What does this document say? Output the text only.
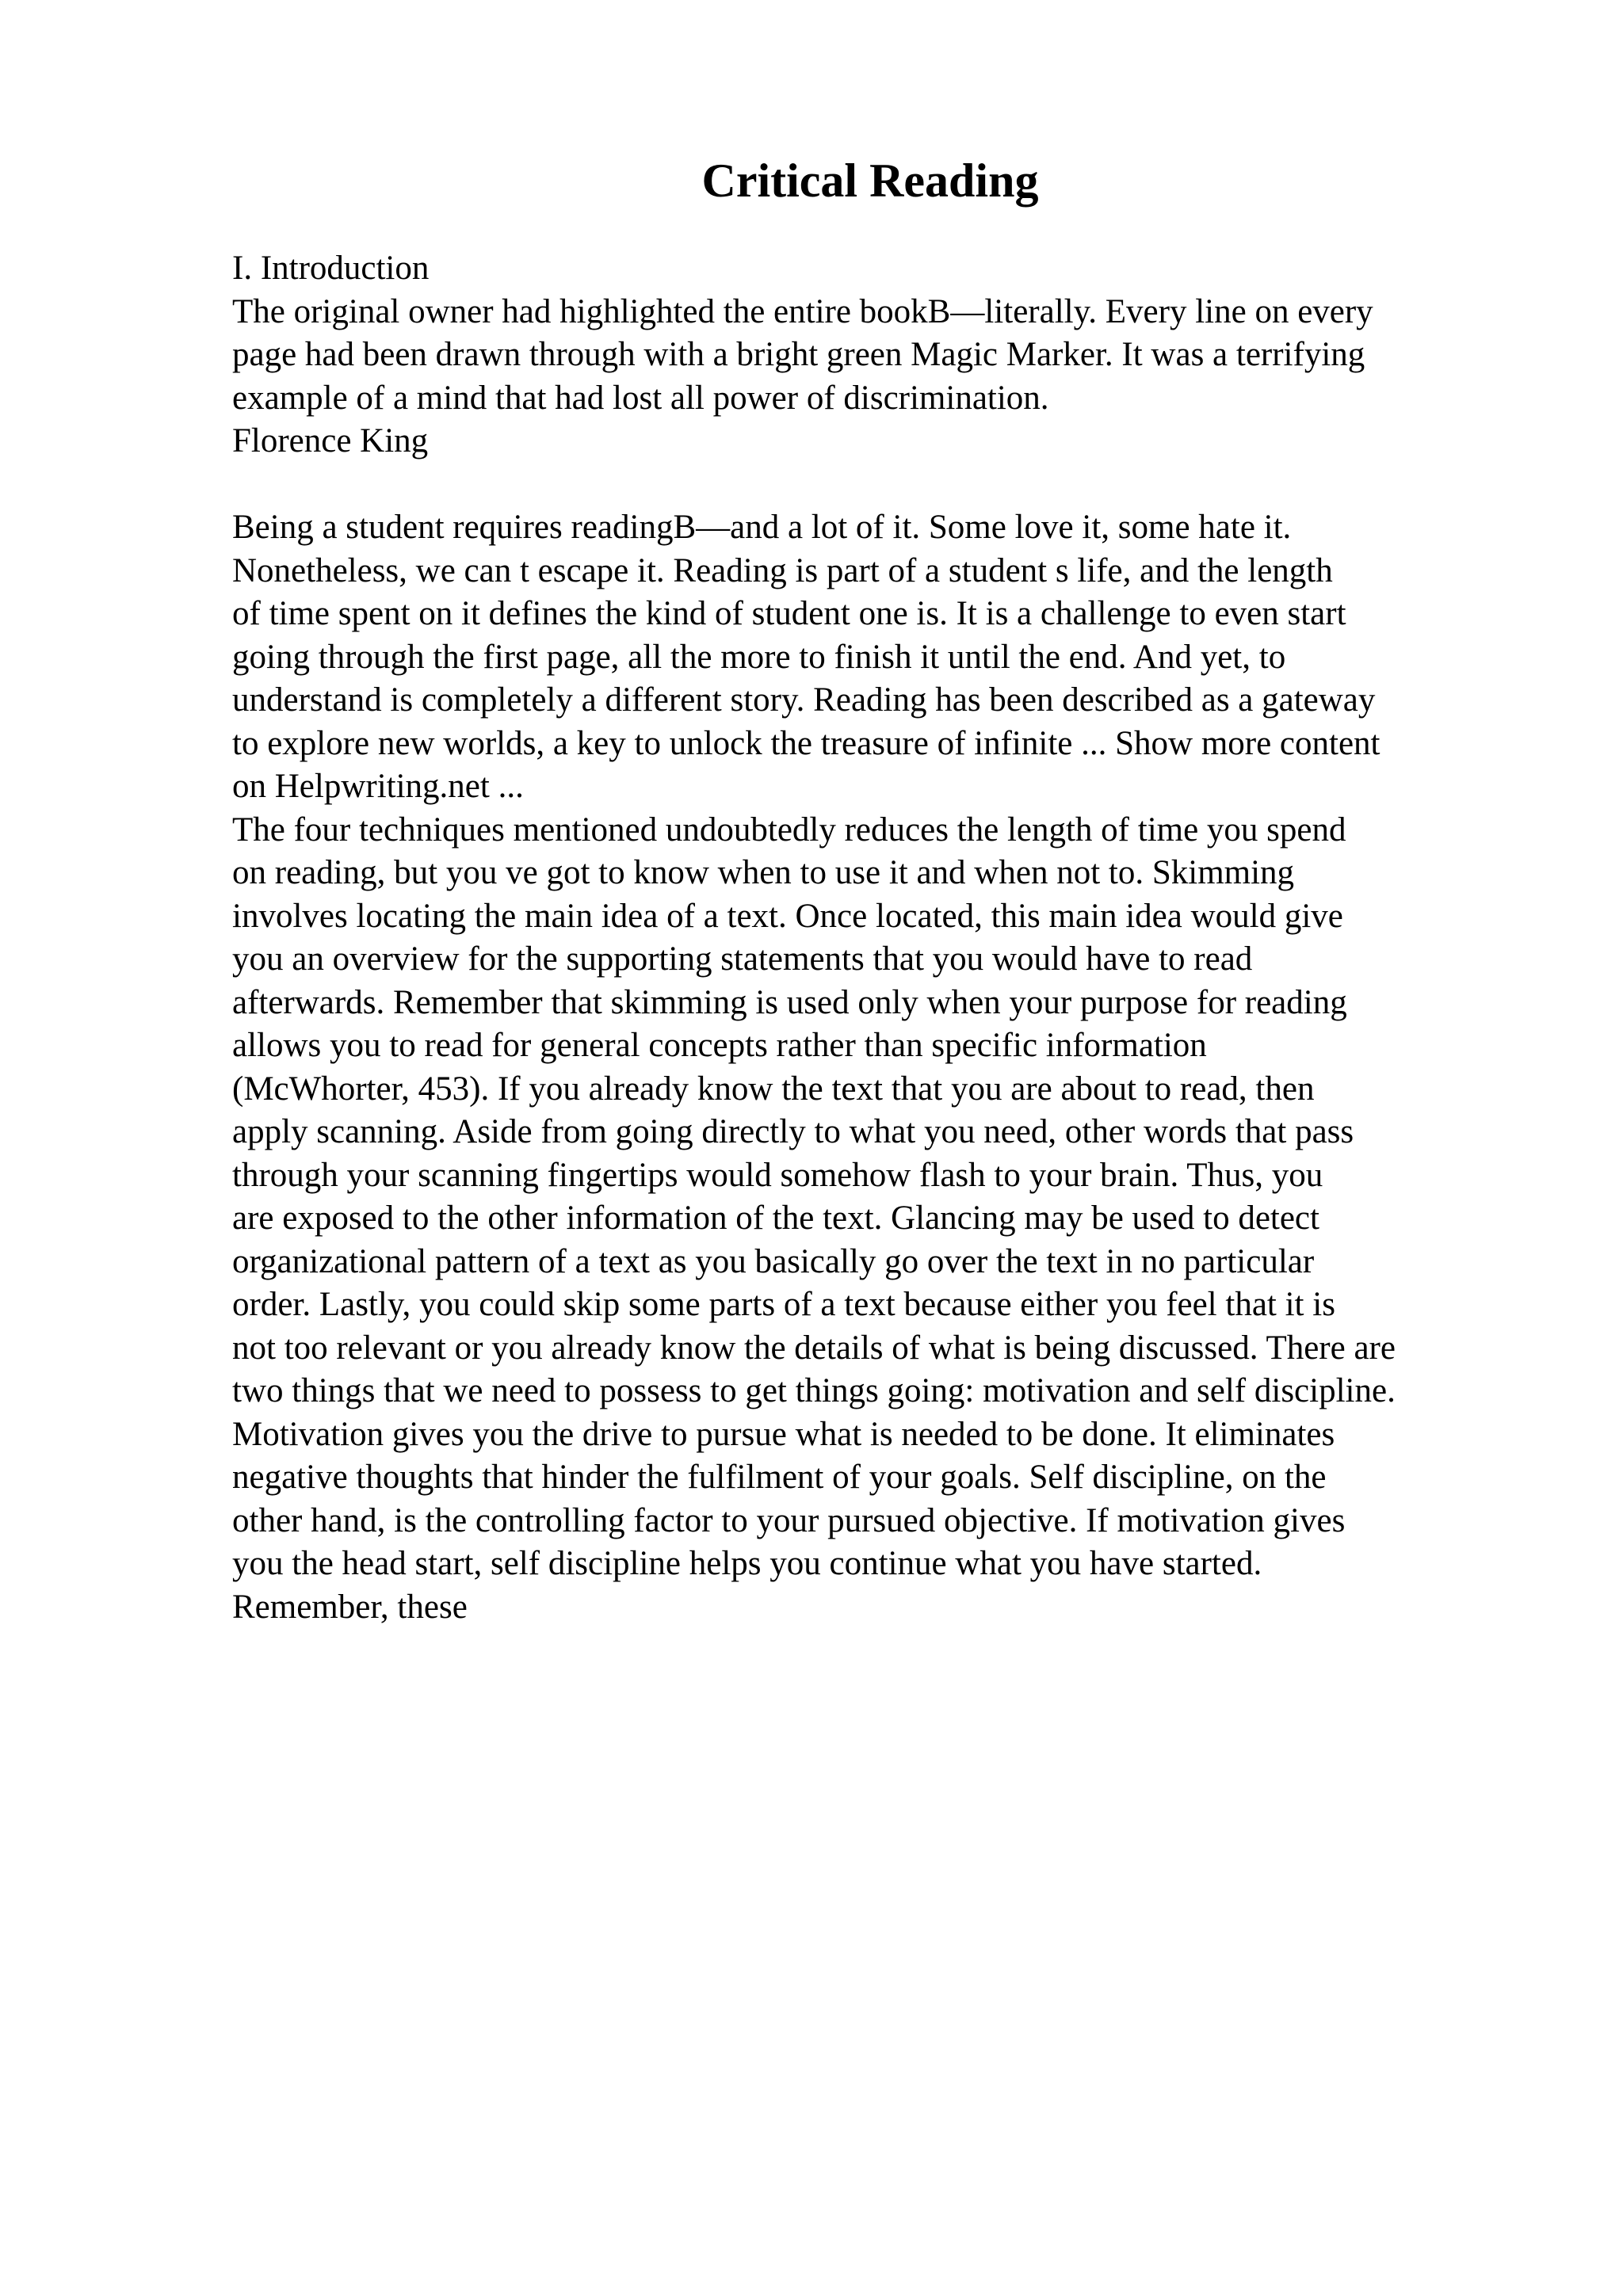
Critical Reading
I. Introduction
The original owner had highlighted the entire bookB—literally. Every line on every
page had been drawn through with a bright green Magic Marker. It was a terrifying
example of a mind that had lost all power of discrimination.
Florence King
Being a student requires readingB—and a lot of it. Some love it, some hate it.
Nonetheless, we can t escape it. Reading is part of a student s life, and the length
of time spent on it defines the kind of student one is. It is a challenge to even start
going through the first page, all the more to finish it until the end. And yet, to
understand is completely a different story. Reading has been described as a gateway
to explore new worlds, a key to unlock the treasure of infinite ... Show more content
on Helpwriting.net ...
The four techniques mentioned undoubtedly reduces the length of time you spend
on reading, but you ve got to know when to use it and when not to. Skimming
involves locating the main idea of a text. Once located, this main idea would give
you an overview for the supporting statements that you would have to read
afterwards. Remember that skimming is used only when your purpose for reading
allows you to read for general concepts rather than specific information
(McWhorter, 453). If you already know the text that you are about to read, then
apply scanning. Aside from going directly to what you need, other words that pass
through your scanning fingertips would somehow flash to your brain. Thus, you
are exposed to the other information of the text. Glancing may be used to detect
organizational pattern of a text as you basically go over the text in no particular
order. Lastly, you could skip some parts of a text because either you feel that it is
not too relevant or you already know the details of what is being discussed. There are
two things that we need to possess to get things going: motivation and self discipline.
Motivation gives you the drive to pursue what is needed to be done. It eliminates
negative thoughts that hinder the fulfilment of your goals. Self discipline, on the
other hand, is the controlling factor to your pursued objective. If motivation gives
you the head start, self discipline helps you continue what you have started.
Remember, these
